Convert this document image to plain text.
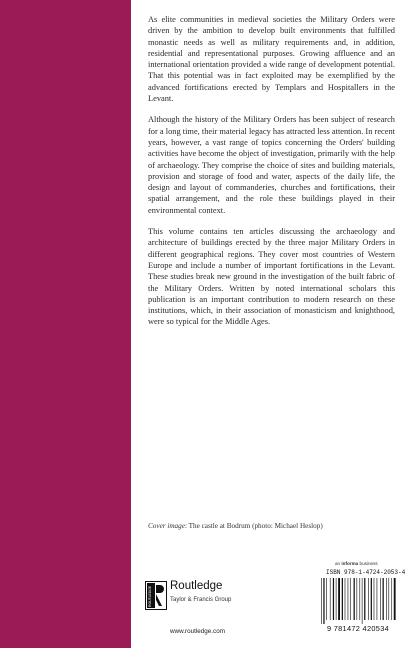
As elite communities in medieval societies the Military Orders were driven by the ambition to develop built environments that fulfilled monastic needs as well as military requirements and, in addition, residential and representational purposes. Growing affluence and an international orientation provided a wide range of development potential. That this potential was in fact exploited may be exemplified by the advanced fortifications erected by Templars and Hospitallers in the Levant.

Although the history of the Military Orders has been subject of research for a long time, their material legacy has attracted less attention. In recent years, however, a vast range of topics concerning the Orders' building activities have become the object of investigation, primarily with the help of archaeology. They comprise the choice of sites and building materials, provision and storage of food and water, aspects of the daily life, the design and layout of commanderies, churches and fortifications, their spatial arrangement, and the role these buildings played in their environmental context.

This volume contains ten articles discussing the archaeology and architecture of buildings erected by the three major Military Orders in different geographical regions. They cover most countries of Western Europe and include a number of important fortifications in the Levant. These studies break new ground in the investigation of the built fabric of the Military Orders. Written by noted international scholars this publication is an important contribution to modern research on these institutions, which, in their association of monasticism and knighthood, were so typical for the Middle Ages.

Cover image: The castle at Bodrum (photo: Michael Heslop)
an informa business
ISBN 978-1-4724-2053-4
9 781472 420534
ROUTLEDGE Routledge
Taylor & Francis Group
www.routledge.com
